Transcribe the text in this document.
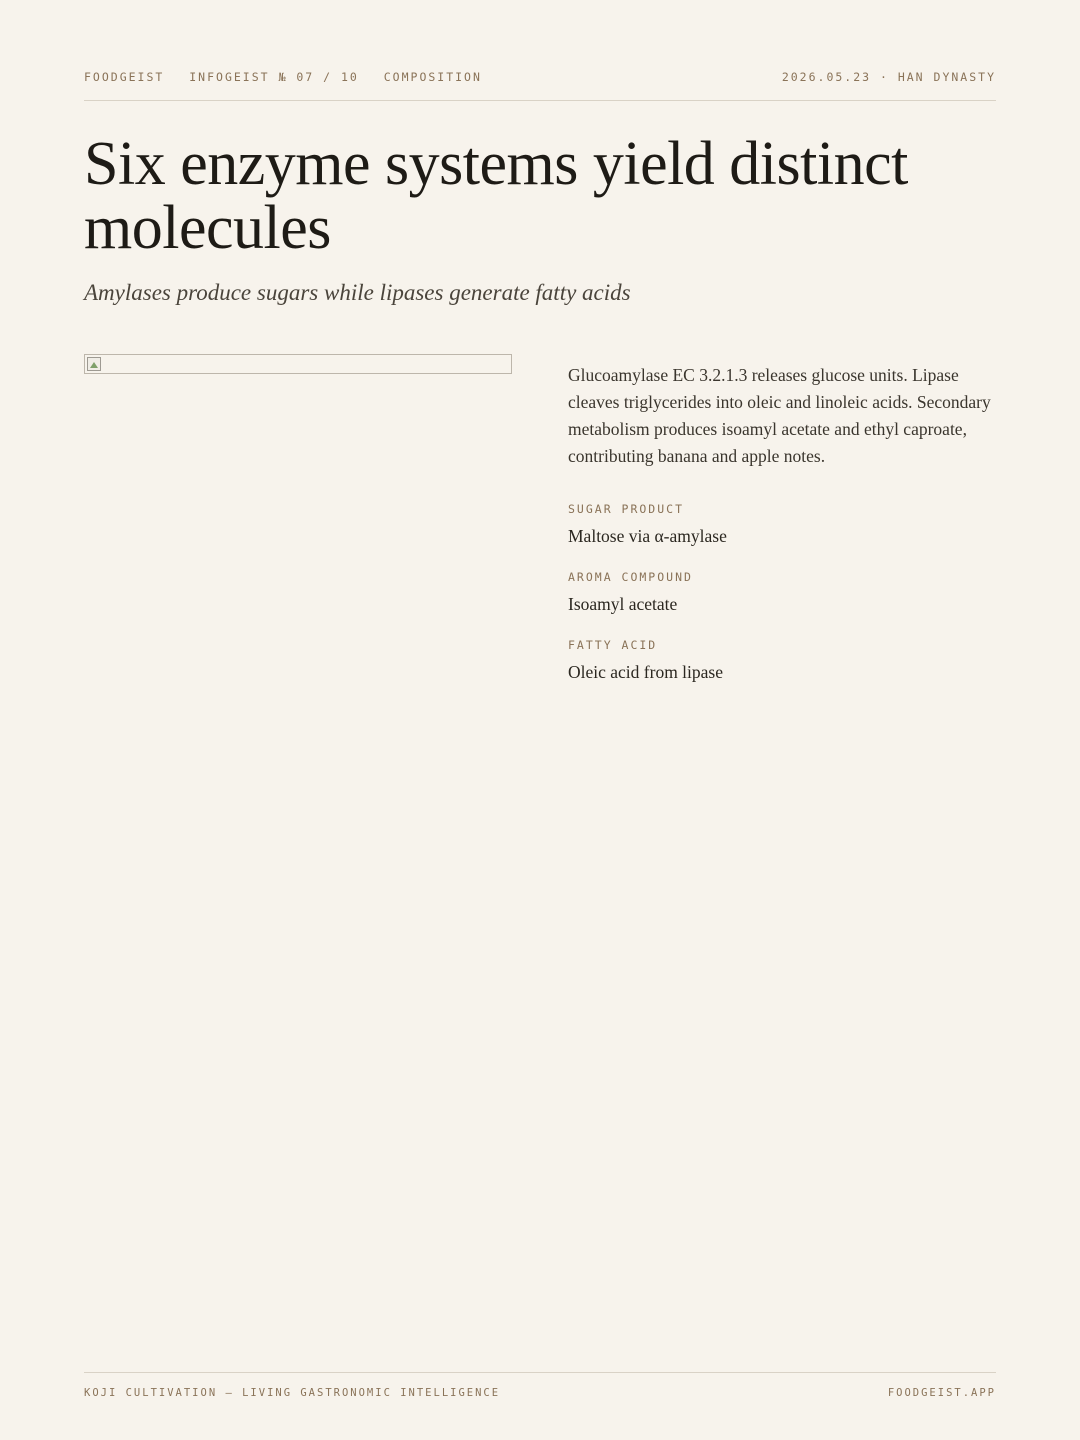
FOODGEIST INFOGEIST № 07 / 10 COMPOSITION	2026.05.23 · HAN DYNASTY
Six enzyme systems yield distinct molecules
Amylases produce sugars while lipases generate fatty acids

Glucoamylase EC 3.2.1.3 releases glucose units. Lipase cleaves triglycerides into oleic and linoleic acids. Secondary metabolism produces isoamyl acetate and ethyl caproate, contributing banana and apple notes.

SUGAR PRODUCT
Maltose via α-amylase
AROMA COMPOUND
Isoamyl acetate
FATTY ACID
Oleic acid from lipase
KOJI CULTIVATION — LIVING GASTRONOMIC INTELLIGENCE	FOODGEIST.APP
